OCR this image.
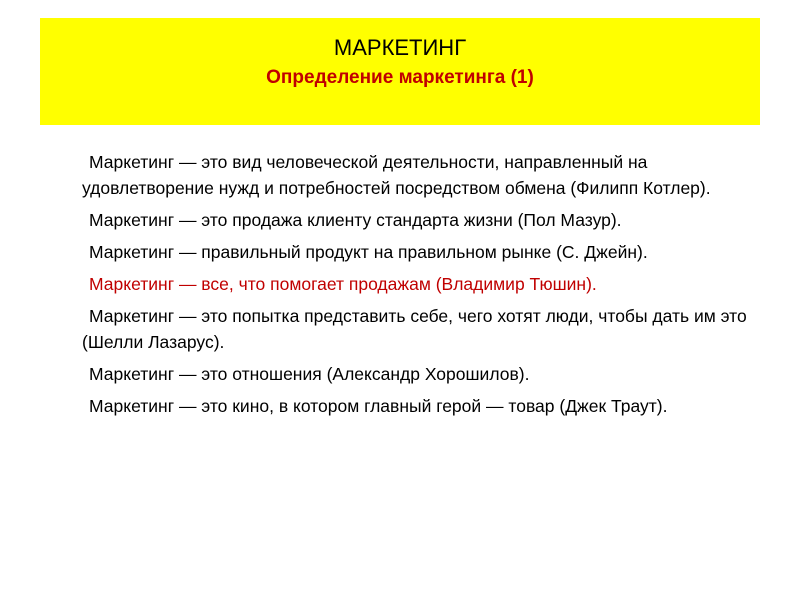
МАРКЕТИНГ
Определение маркетинга (1)

Маркетинг — это вид человеческой деятельности, направленный на удовлетворение нужд и потребностей посредством обмена (Филипп Котлер).

Маркетинг — это продажа клиенту стандарта жизни (Пол Мазур).

Маркетинг — правильный продукт на правильном рынке (С. Джейн).

Маркетинг — все, что помогает продажам (Владимир Тюшин).

Маркетинг — это попытка представить себе, чего хотят люди, чтобы дать им это (Шелли Лазарус).

Маркетинг — это отношения (Александр Хорошилов).

Маркетинг — это кино, в котором главный герой — товар (Джек Траут).
